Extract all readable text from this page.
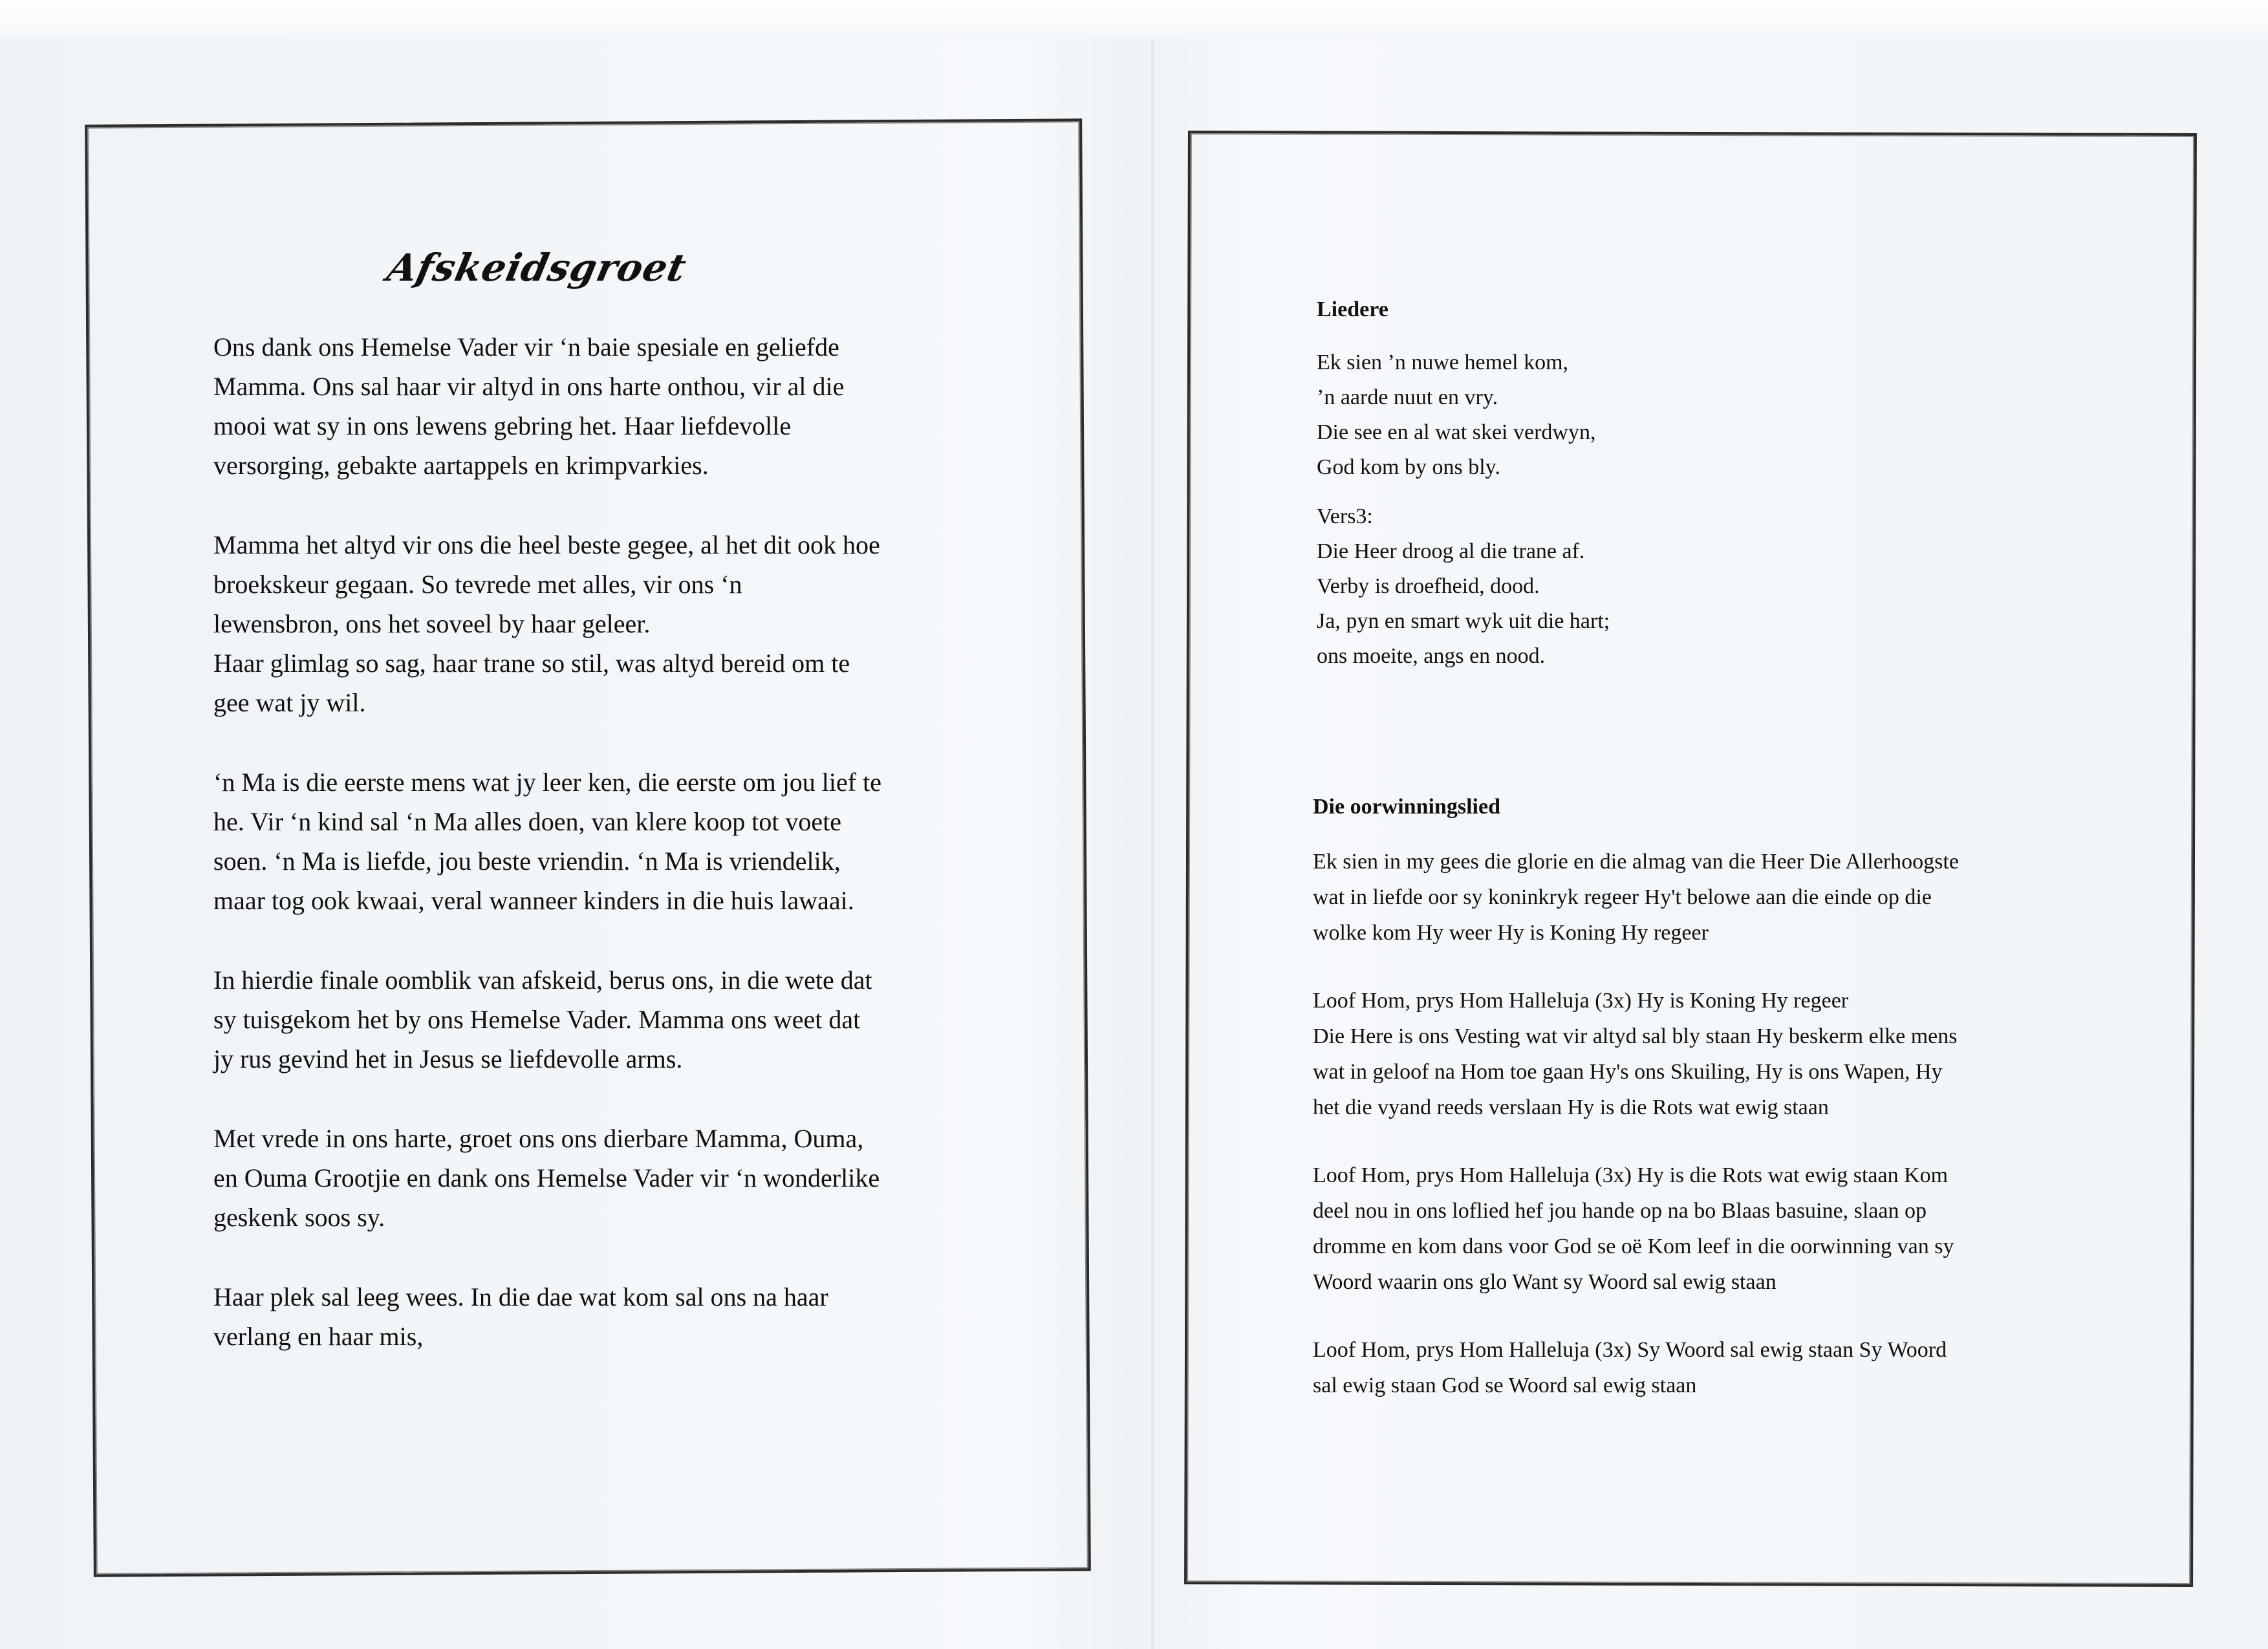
Afskeidsgroet

Ons dank ons Hemelse Vader vir ‘n baie spesiale en geliefde
Mamma. Ons sal haar vir altyd in ons harte onthou, vir al die
mooi wat sy in ons lewens gebring het. Haar liefdevolle
versorging, gebakte aartappels en krimpvarkies.

Mamma het altyd vir ons die heel beste gegee, al het dit ook hoe
broekskeur gegaan. So tevrede met alles, vir ons ‘n
lewensbron, ons het soveel by haar geleer.
Haar glimlag so sag, haar trane so stil, was altyd bereid om te
gee wat jy wil.

‘n Ma is die eerste mens wat jy leer ken, die eerste om jou lief te
he. Vir ‘n kind sal ‘n Ma alles doen, van klere koop tot voete
soen. ‘n Ma is liefde, jou beste vriendin. ‘n Ma is vriendelik,
maar tog ook kwaai, veral wanneer kinders in die huis lawaai.

In hierdie finale oomblik van afskeid, berus ons, in die wete dat
sy tuisgekom het by ons Hemelse Vader. Mamma ons weet dat
jy rus gevind het in Jesus se liefdevolle arms.

Met vrede in ons harte, groet ons ons dierbare Mamma, Ouma,
en Ouma Grootjie en dank ons Hemelse Vader vir ‘n wonderlike
geskenk soos sy.

Haar plek sal leeg wees. In die dae wat kom sal ons na haar
verlang en haar mis,

Liedere
Ek sien ’n nuwe hemel kom,
’n aarde nuut en vry.
Die see en al wat skei verdwyn,
God kom by ons bly.
Vers3:
Die Heer droog al die trane af.
Verby is droefheid, dood.
Ja, pyn en smart wyk uit die hart;
ons moeite, angs en nood.
Die oorwinningslied

Ek sien in my gees die glorie en die almag van die Heer Die Allerhoogste
wat in liefde oor sy koninkryk regeer Hy't belowe aan die einde op die
wolke kom Hy weer Hy is Koning Hy regeer

Loof Hom, prys Hom Halleluja (3x) Hy is Koning Hy regeer
Die Here is ons Vesting wat vir altyd sal bly staan Hy beskerm elke mens
wat in geloof na Hom toe gaan Hy's ons Skuiling, Hy is ons Wapen, Hy
het die vyand reeds verslaan Hy is die Rots wat ewig staan

Loof Hom, prys Hom Halleluja (3x) Hy is die Rots wat ewig staan Kom
deel nou in ons loflied hef jou hande op na bo Blaas basuine, slaan op
dromme en kom dans voor God se oë Kom leef in die oorwinning van sy
Woord waarin ons glo Want sy Woord sal ewig staan

Loof Hom, prys Hom Halleluja (3x) Sy Woord sal ewig staan Sy Woord
sal ewig staan God se Woord sal ewig staan
